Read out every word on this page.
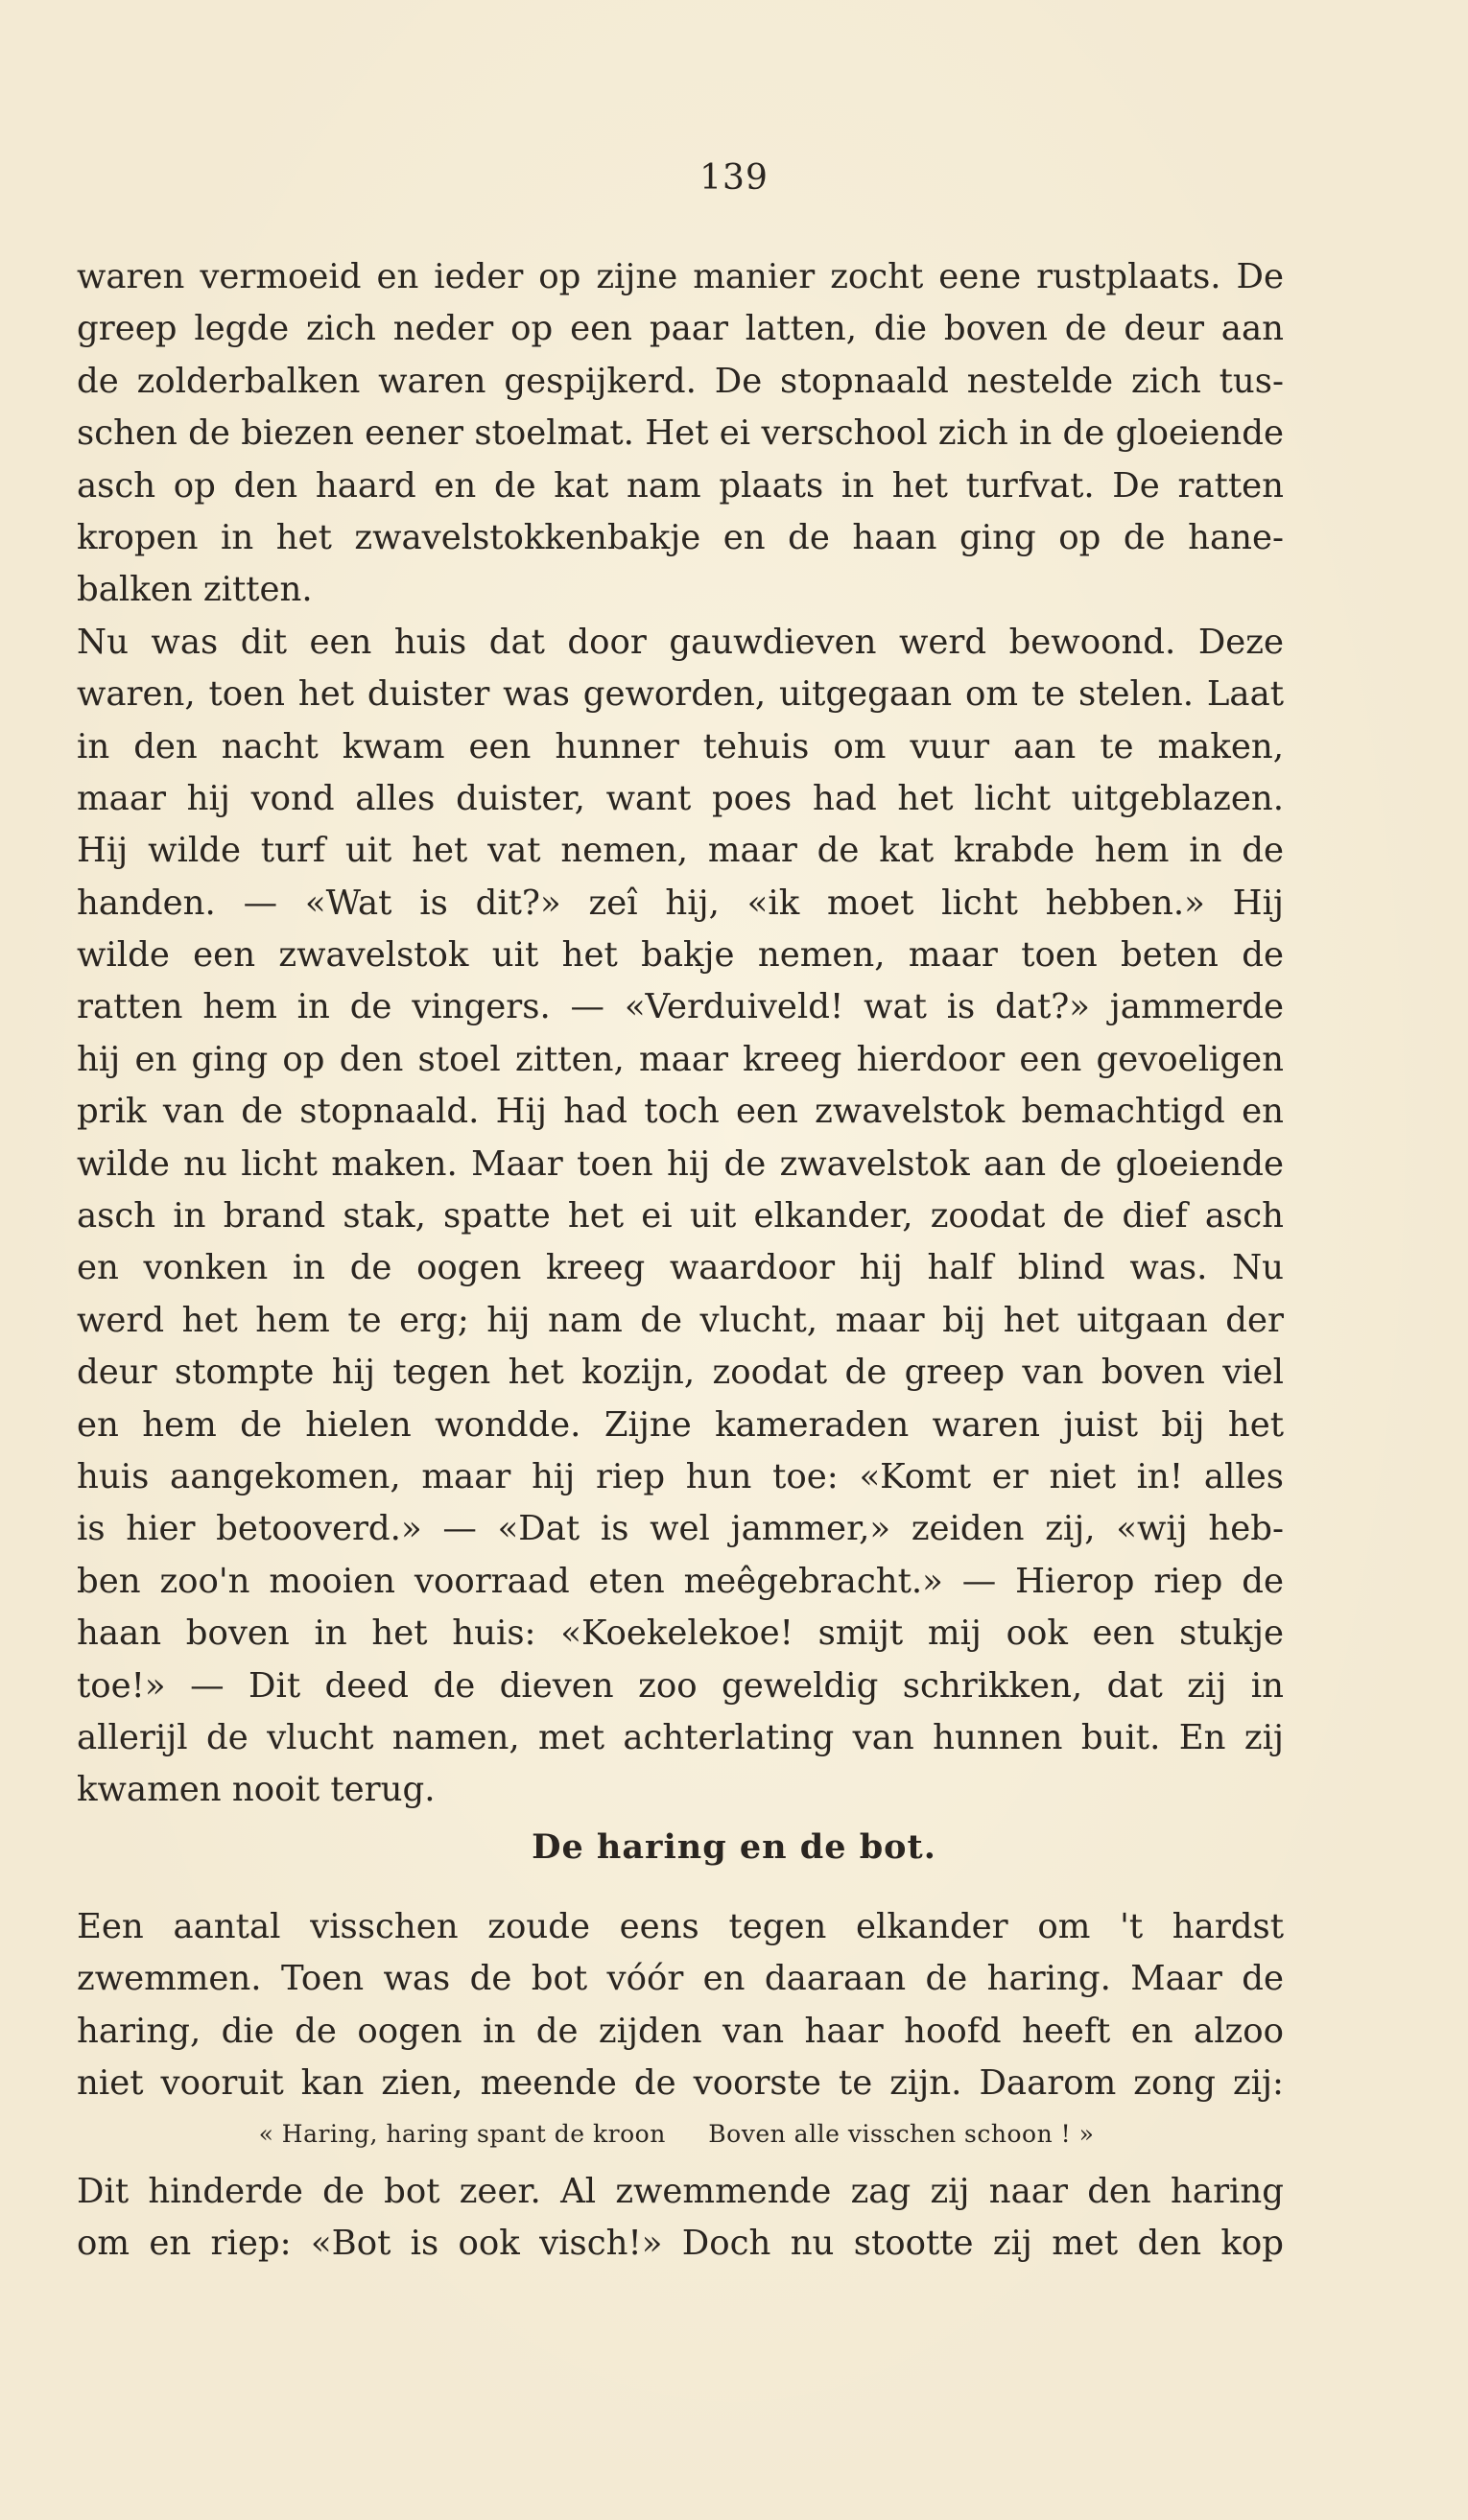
139
waren vermoeid en ieder op zijne manier zocht eene rustplaats. De
greep legde zich neder op een paar latten, die boven de deur aan
de zolderbalken waren gespijkerd. De stopnaald nestelde zich tus-
schen de biezen eener stoelmat. Het ei verschool zich in de gloeiende
asch op den haard en de kat nam plaats in het turfvat. De ratten
kropen in het zwavelstokkenbakje en de haan ging op de hane-
balken zitten.
Nu was dit een huis dat door gauwdieven werd bewoond. Deze
waren, toen het duister was geworden, uitgegaan om te stelen. Laat
in den nacht kwam een hunner tehuis om vuur aan te maken,
maar hij vond alles duister, want poes had het licht uitgeblazen.
Hij wilde turf uit het vat nemen, maar de kat krabde hem in de
handen. — «Wat is dit?» zeî hij, «ik moet licht hebben.» Hij
wilde een zwavelstok uit het bakje nemen, maar toen beten de
ratten hem in de vingers. — «Verduiveld! wat is dat?» jammerde
hij en ging op den stoel zitten, maar kreeg hierdoor een gevoeligen
prik van de stopnaald. Hij had toch een zwavelstok bemachtigd en
wilde nu licht maken. Maar toen hij de zwavelstok aan de gloeiende
asch in brand stak, spatte het ei uit elkander, zoodat de dief asch
en vonken in de oogen kreeg waardoor hij half blind was. Nu
werd het hem te erg; hij nam de vlucht, maar bij het uitgaan der
deur stompte hij tegen het kozijn, zoodat de greep van boven viel
en hem de hielen wondde. Zijne kameraden waren juist bij het
huis aangekomen, maar hij riep hun toe: «Komt er niet in! alles
is hier betooverd.» — «Dat is wel jammer,» zeiden zij, «wij heb-
ben zoo'n mooien voorraad eten meêgebracht.» — Hierop riep de
haan boven in het huis: «Koekelekoe! smijt mij ook een stukje
toe!» — Dit deed de dieven zoo geweldig schrikken, dat zij in
allerijl de vlucht namen, met achterlating van hunnen buit. En zij
kwamen nooit terug.
De haring en de bot.
Een aantal visschen zoude eens tegen elkander om 't hardst
zwemmen. Toen was de bot vóór en daaraan de haring. Maar de
haring, die de oogen in de zijden van haar hoofd heeft en alzoo
niet vooruit kan zien, meende de voorste te zijn. Daarom zong zij:
« Haring, haring spant de kroon Boven alle visschen schoon ! »
Dit hinderde de bot zeer. Al zwemmende zag zij naar den haring
om en riep: «Bot is ook visch!» Doch nu stootte zij met den kop
